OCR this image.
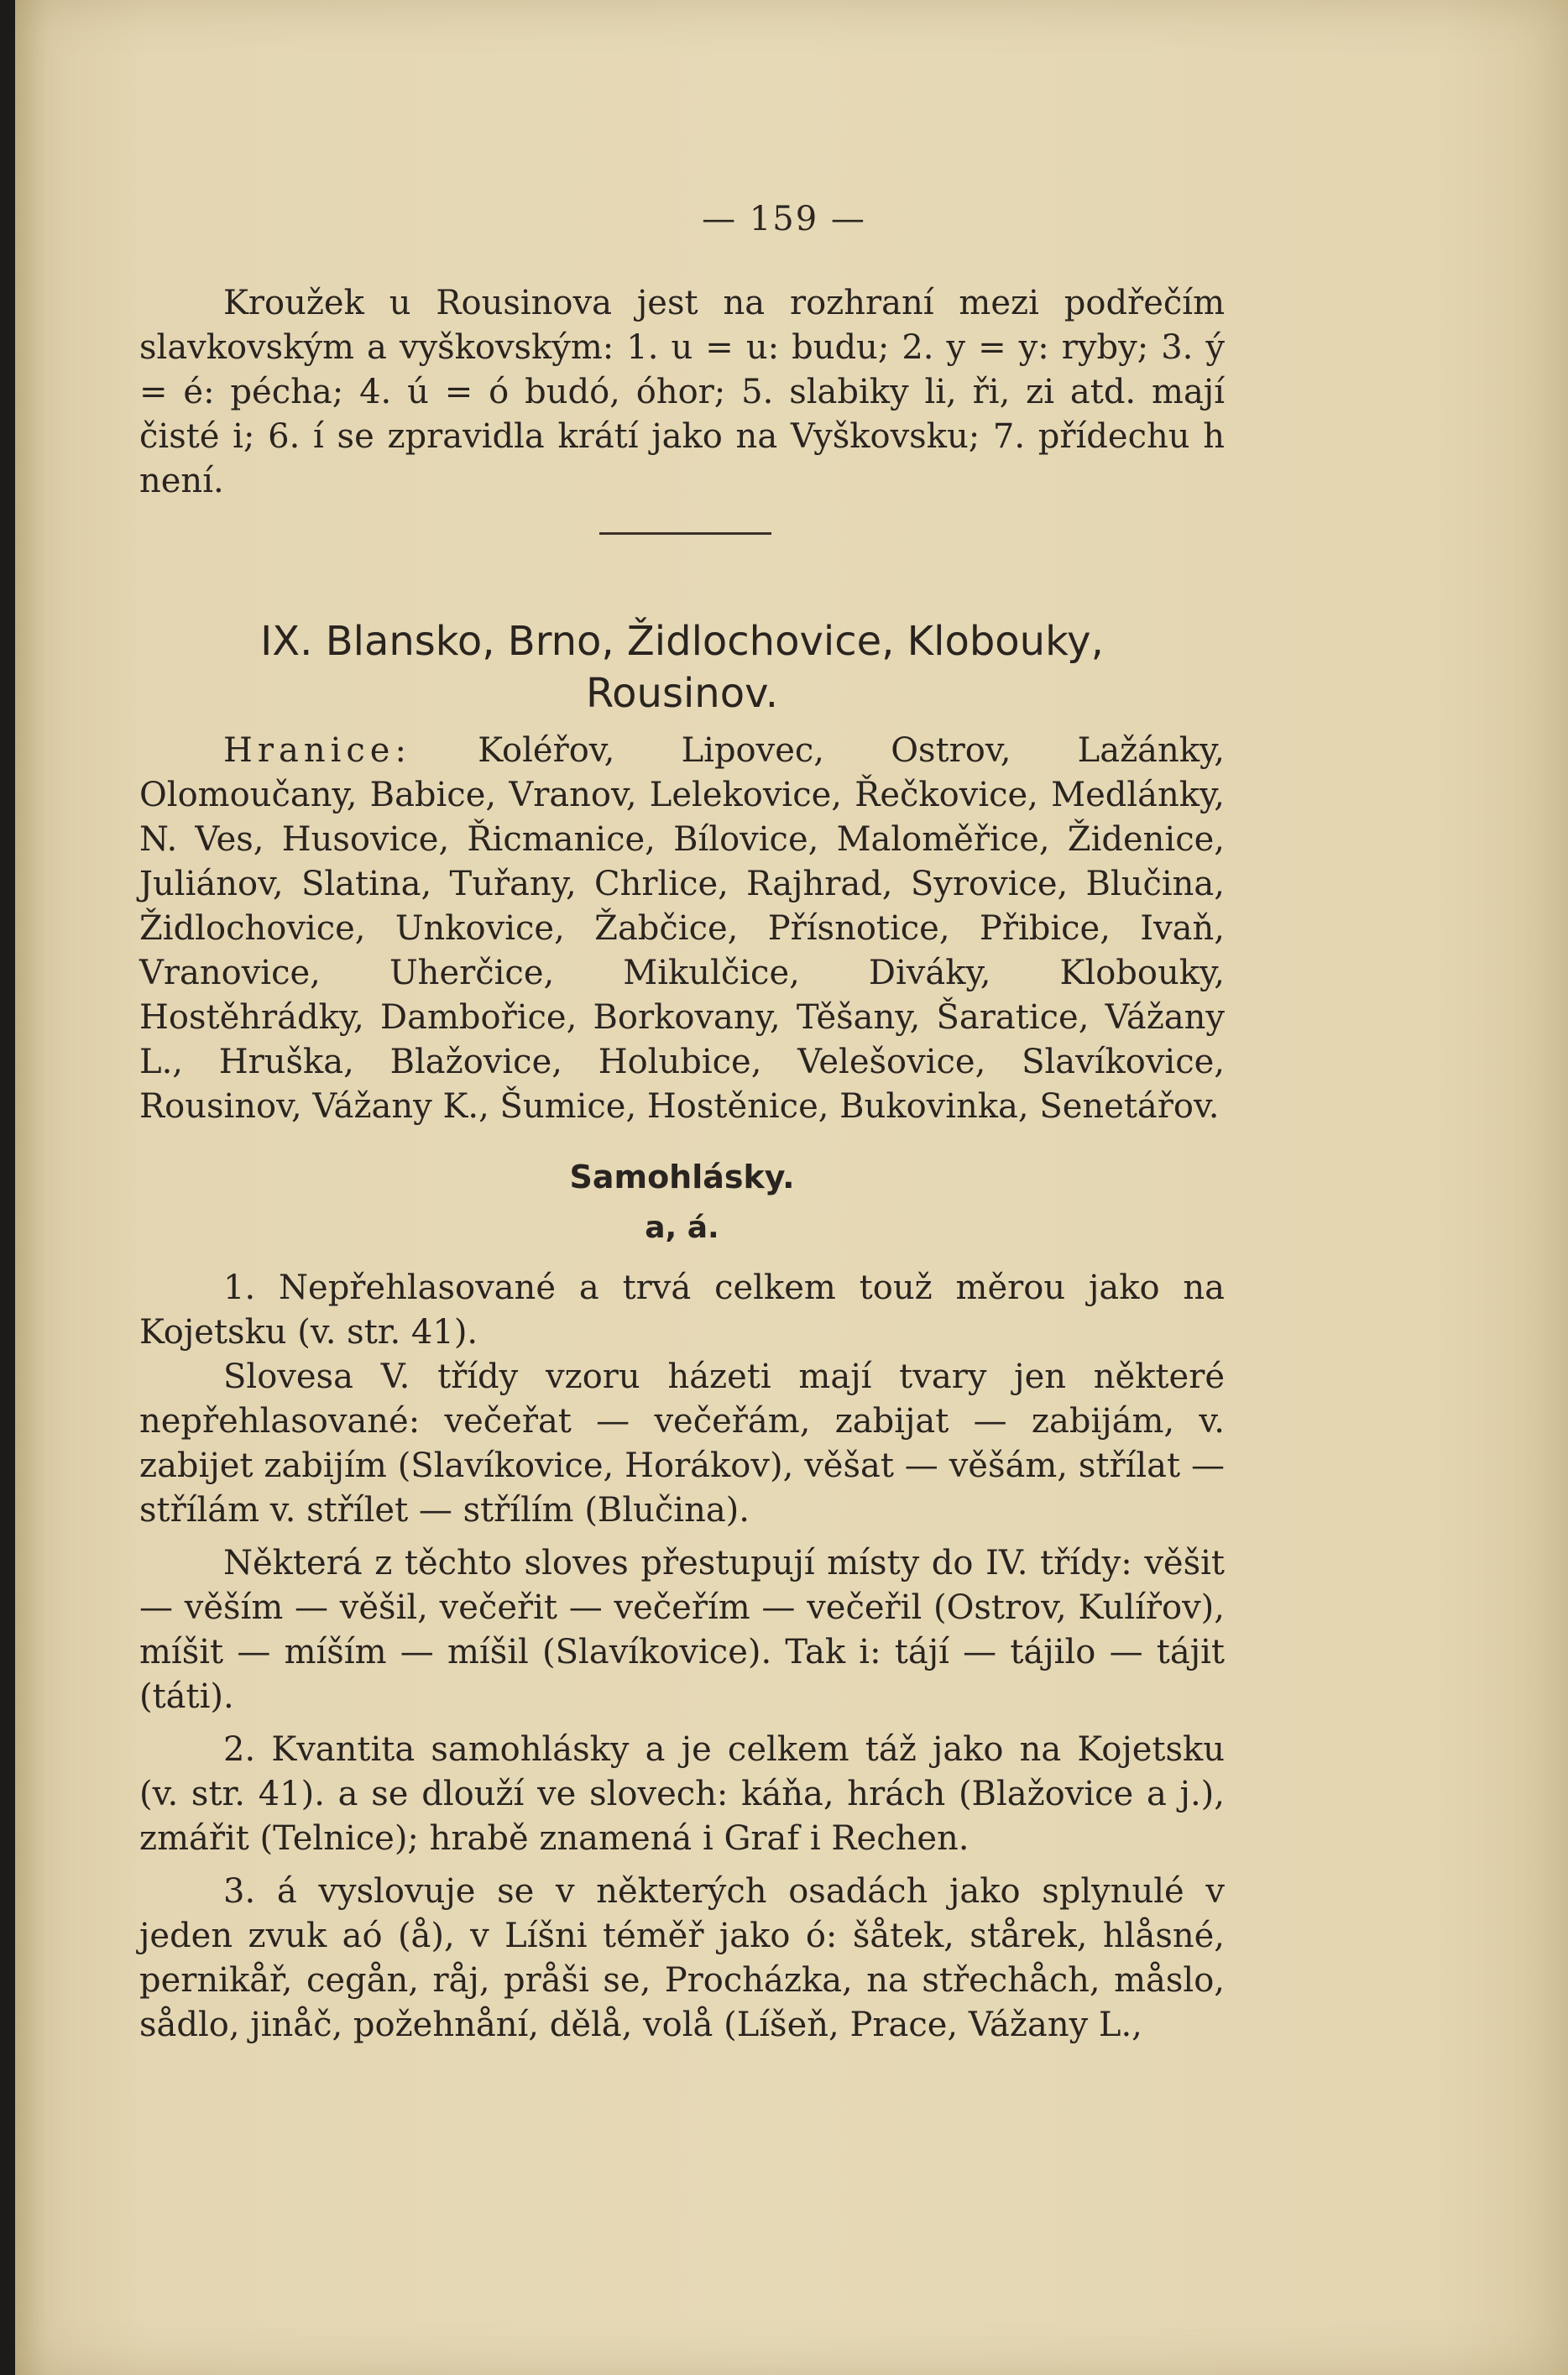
— 159 —

Kroužek u Rousinova jest na rozhraní mezi podřečím slavkovským a vyškovským: 1. u = u: budu; 2. y = y: ryby; 3. ý = é: pécha; 4. ú = ó budó, óhor; 5. slabiky li, ři, zi atd. mají čisté i; 6. í se zpravidla krátí jako na Vyškovsku; 7. přídechu h není.

IX. Blansko, Brno, Židlochovice, Klobouky,
Rousinov.

Hranice: Koléřov, Lipovec, Ostrov, Lažánky, Olomoučany, Babice, Vranov, Lelekovice, Řečkovice, Medlánky, N. Ves, Husovice, Řicmanice, Bílovice, Maloměřice, Židenice, Juliánov, Slatina, Tuřany, Chrlice, Rajhrad, Syrovice, Blučina, Židlochovice, Unkovice, Žabčice, Přísnotice, Přibice, Ivaň, Vranovice, Uherčice, Mikulčice, Diváky, Klobouky, Hostěhrádky, Dambořice, Borkovany, Těšany, Šaratice, Vážany L., Hruška, Blažovice, Holubice, Velešovice, Slavíkovice, Rousinov, Vážany K., Šumice, Hostěnice, Bukovinka, Senetářov.

Samohlásky.
a, á.

1. Nepřehlasované a trvá celkem touž měrou jako na Kojetsku (v. str. 41).

Slovesa V. třídy vzoru házeti mají tvary jen některé nepřehlasované: večeřat — večeřám, zabijat — zabijám, v. zabijet zabijím (Slavíkovice, Horákov), věšat — věšám, střílat — střílám v. střílet — střílím (Blučina).

Některá z těchto sloves přestupují místy do IV. třídy: věšit — věším — věšil, večeřit — večeřím — večeřil (Ostrov, Kulířov), míšit — míším — míšil (Slavíkovice). Tak i: tájí — tájilo — tájit (táti).

2. Kvantita samohlásky a je celkem táž jako na Kojetsku (v. str. 41). a se dlouží ve slovech: káňa, hrách (Blažovice a j.), zmářit (Telnice); hrabě znamená i Graf i Rechen.

3. á vyslovuje se v některých osadách jako splynulé v jeden zvuk aó (å), v Líšni téměř jako ó: šåtek, stårek, hlåsné, pernikåř, cegån, råj, pråši se, Procházka, na střechåch, måslo, sådlo, jinåč, požehnåní, dělå, volå (Líšeň, Prace, Vážany L.,
